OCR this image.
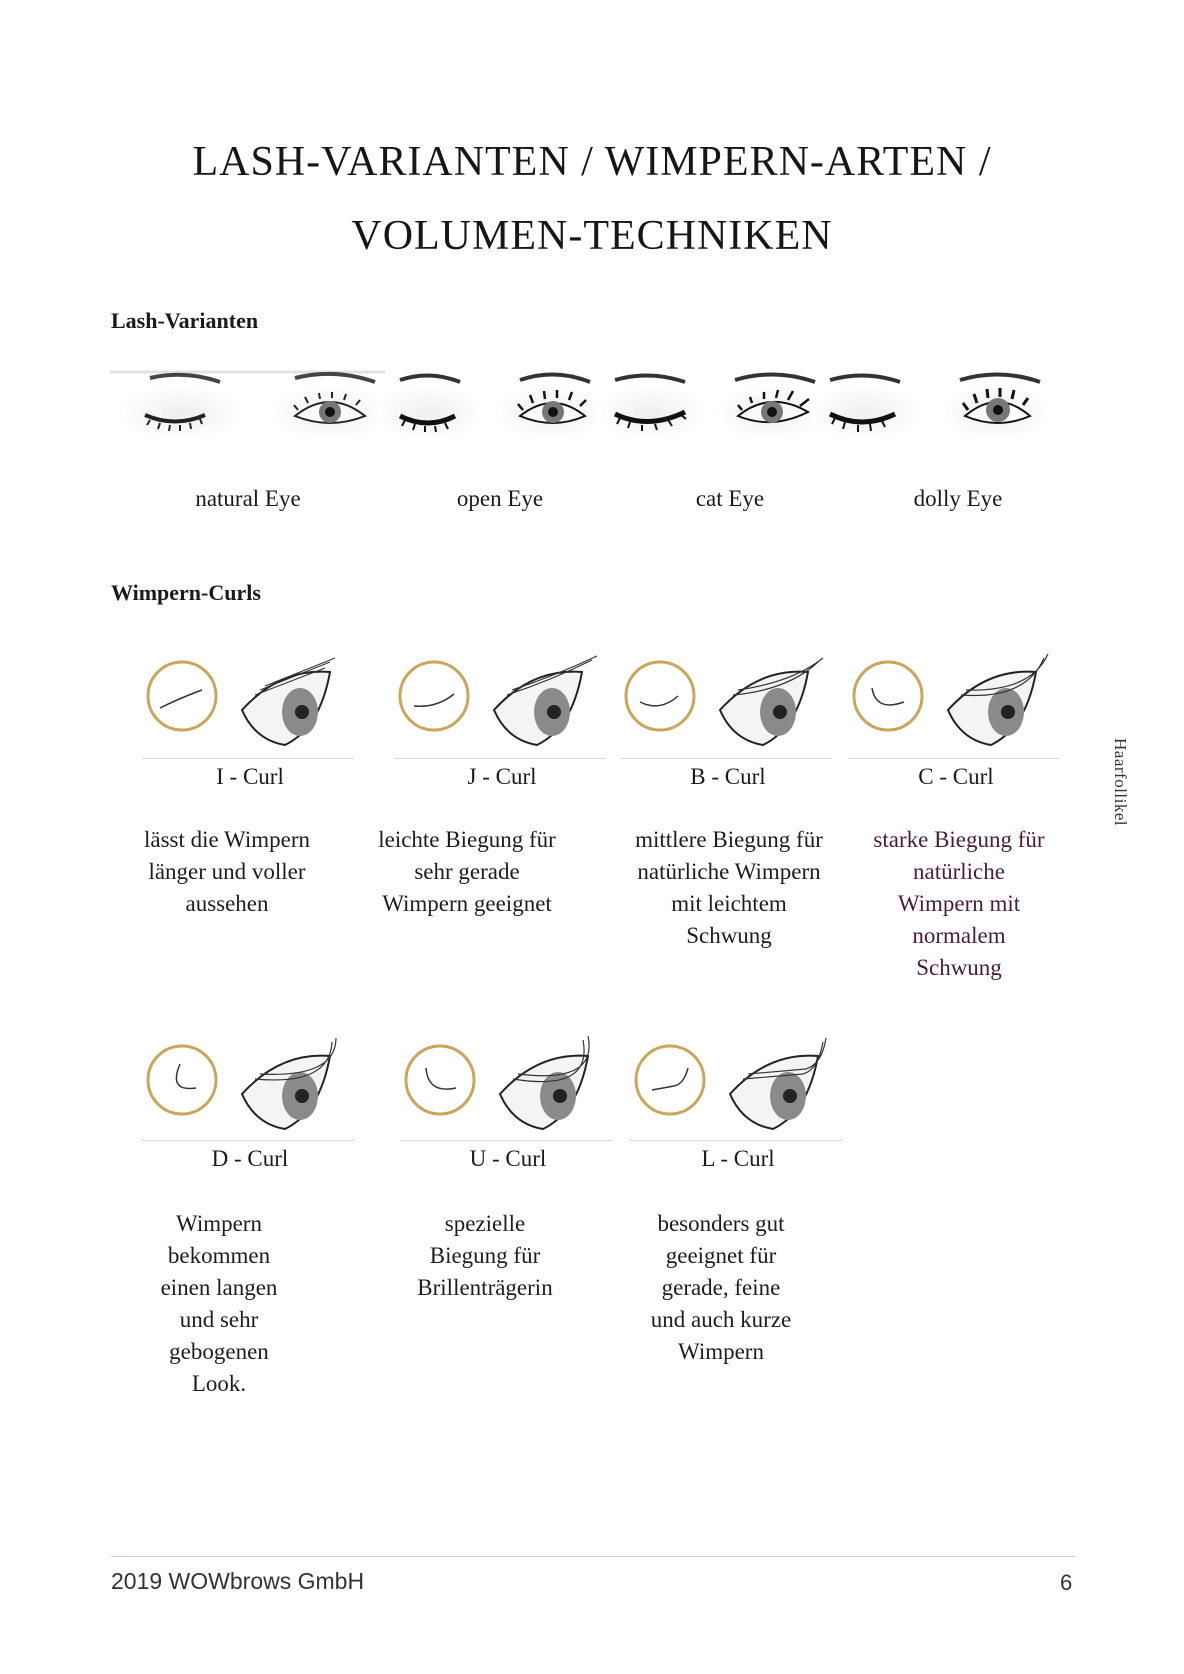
LASH-VARIANTEN / WIMPERN-ARTEN /
VOLUMEN-TECHNIKEN
Lash-Varianten
natural Eye	open Eye	cat Eye	dolly Eye
Wimpern-Curls
I - Curl	J - Curl	B - Curl	C - Curl
lässt die Wimpern
länger und voller
aussehen
leichte Biegung für
sehr gerade
Wimpern geeignet
mittlere Biegung für
natürliche Wimpern
mit leichtem
Schwung
starke Biegung für
natürliche
Wimpern mit
normalem
Schwung
D - Curl	U - Curl	L - Curl
Wimpern
bekommen
einen langen
und sehr
gebogenen
Look.
spezielle
Biegung für
Brillenträgerin
besonders gut
geeignet für
gerade, feine
und auch kurze
Wimpern
Haarfollikel
2019 WOWbrows GmbH	6
